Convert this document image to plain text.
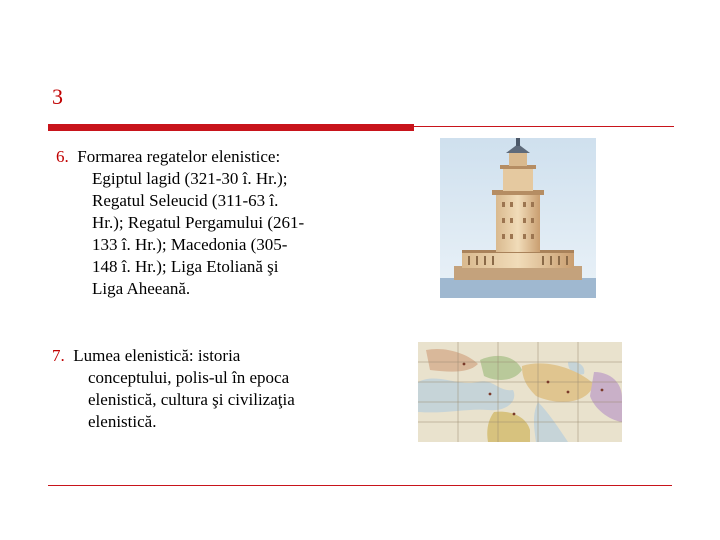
3
6. Formarea regatelor elenistice:
Egiptul lagid (321-30 î. Hr.);
Regatul Seleucid (311-63 î.
Hr.); Regatul Pergamului (261-
133 î. Hr.); Macedonia (305-
148 î. Hr.); Liga Etoliană şi
Liga Aheeană.
7. Lumea elenistică: istoria
conceptului, polis-ul în epoca
elenistică, cultura şi civilizaţia
elenistică.
